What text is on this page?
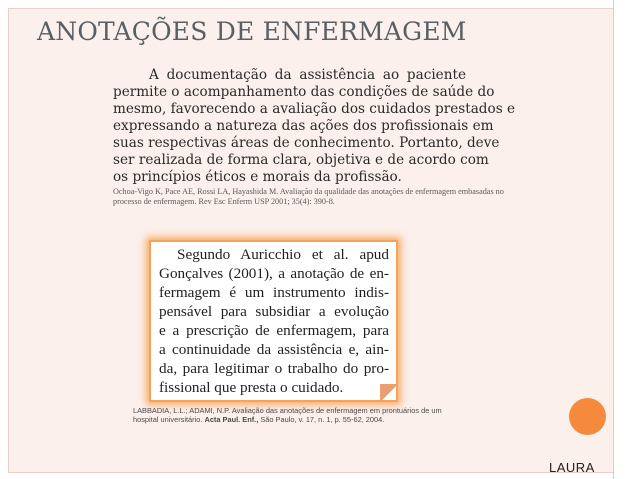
ANOTAÇÕES DE ENFERMAGEM
A documentação da assistência ao paciente
permite o acompanhamento das condições de saúde do
mesmo, favorecendo a avaliação dos cuidados prestados e
expressando a natureza das ações dos profissionais em
suas respectivas áreas de conhecimento. Portanto, deve
ser realizada de forma clara, objetiva e de acordo com
os princípios éticos e morais da profissão.
Ochoa-Vigo K, Pace AE, Rossi LA, Hayashida M. Avaliação da qualidade das anotações de enfermagem embasadas no
processo de enfermagem. Rev Esc Enferm USP 2001; 35(4): 390-8.
Segundo Auricchio et al. apud
Gonçalves (2001), a anotação de en-
fermagem é um instrumento indis-
pensável para subsidiar a evolução
e a prescrição de enfermagem, para
a continuidade da assistência e, ain-
da, para legitimar o trabalho do pro-
fissional que presta o cuidado.
LABBADIA, L.L.; ADAMI, N.P. Avaliação das anotações de enfermagem em prontuários de um
hospital universitário. Acta Paul. Enf., São Paulo, v. 17, n. 1, p. 55-62, 2004.
LAURA
